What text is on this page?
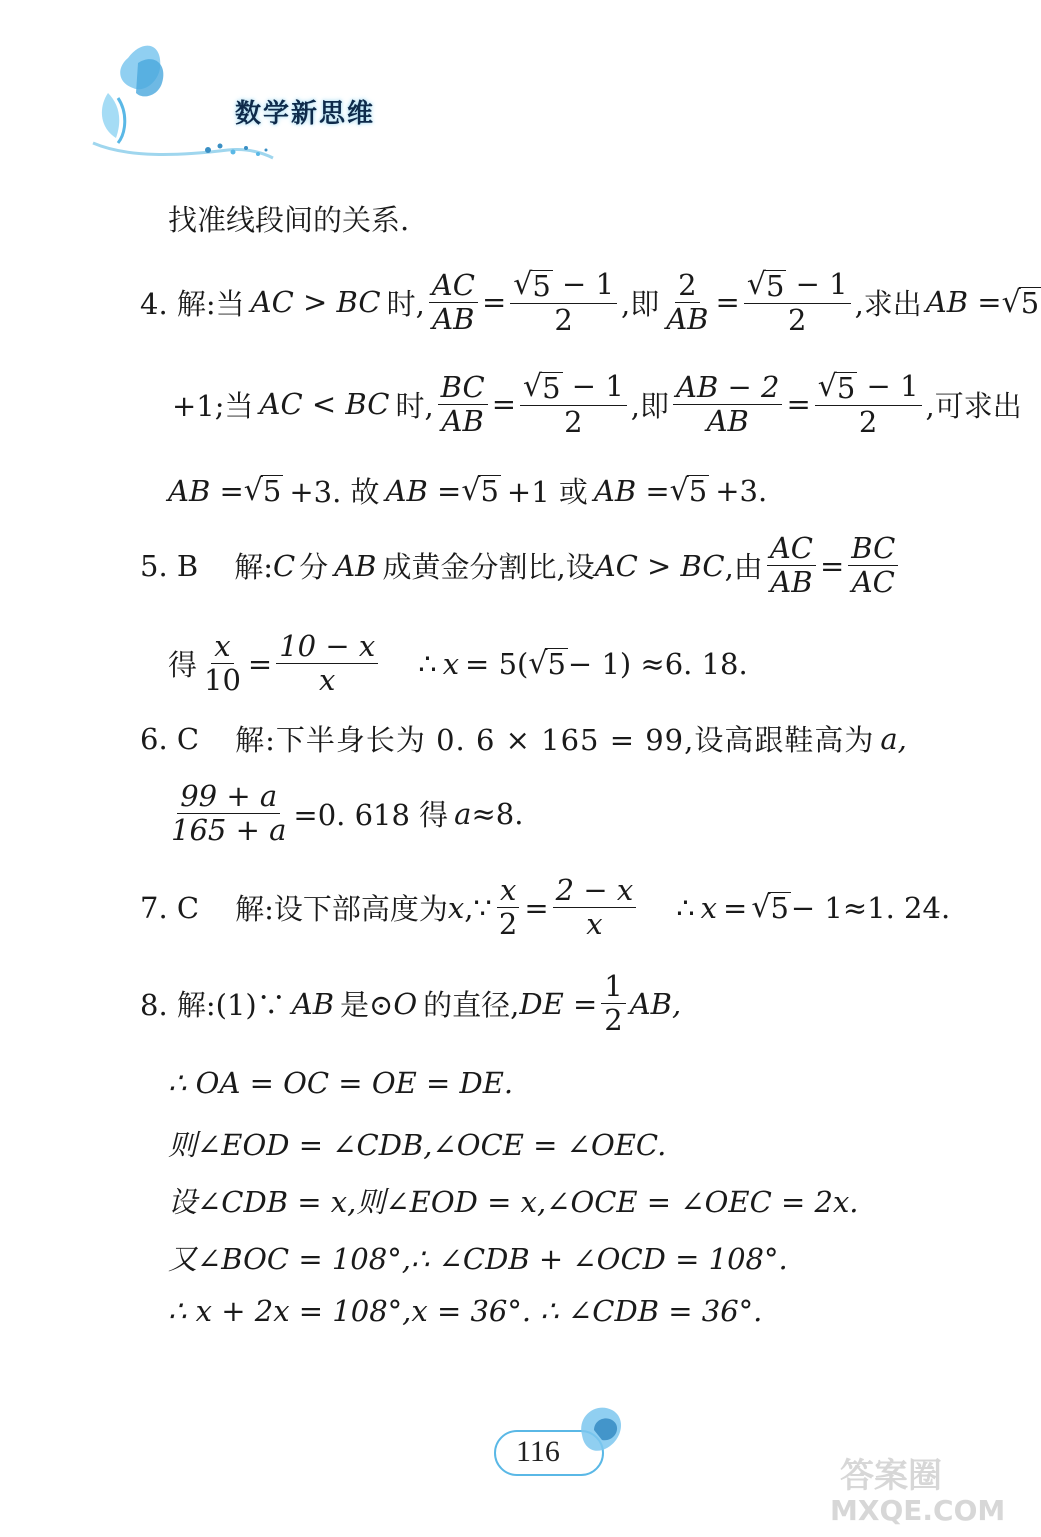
数学新思维
找准线段间的关系.
4. 解:当 AC > BC 时, $\frac{AC}{AB} = \frac{√ 5 - 1}{2}$ ,即 $\frac{2}{AB} = \frac{√ 5 - 1}{2}$ ,求出 AB = √ 5
+1;当 AC < BC 时, $\frac{BC}{AB} = \frac{√ 5 - 1}{2}$ ,即 $\frac{AB - 2}{AB} = \frac{√ 5 - 1}{2}$ ,可求出
AB = √ 5 +3. 故 AB = √ 5 +1 或 AB = √ 5 +3.
5. B 解: C 分 AB 成黄金分割比,设 AC > BC ,由 $\frac{AC}{AB} = \frac{BC}{AC}$
得 $\frac{x}{10} = \frac{10 - x}{x}$ ∴ x = 5( √ 5 − 1) ≈6. 18.
6. C 解:下半身长为 0. 6 × 165 = 99,设高跟鞋高为 a,
$\frac{99 + a}{165 + a} =0$. 618 得 a ≈8.
7. C 解:设下部高度为 x ,∵ $\frac{x}{2} = \frac{2 - x}{x}$ ∴ x = √ 5 − 1≈1. 24.
8. 解:(1)∵ AB 是⊙ O 的直径, DE = $\frac{1}{2}$ AB,
∴ OA = OC = OE = DE.
则∠EOD = ∠CDB,∠OCE = ∠OEC.
设∠CDB = x,则∠EOD = x,∠OCE = ∠OEC = 2x.
又∠BOC = 108°,∴ ∠CDB + ∠OCD = 108°.
∴ x + 2x = 108°,x = 36°. ∴ ∠CDB = 36°.
116
答案圈
MXQE.COM
